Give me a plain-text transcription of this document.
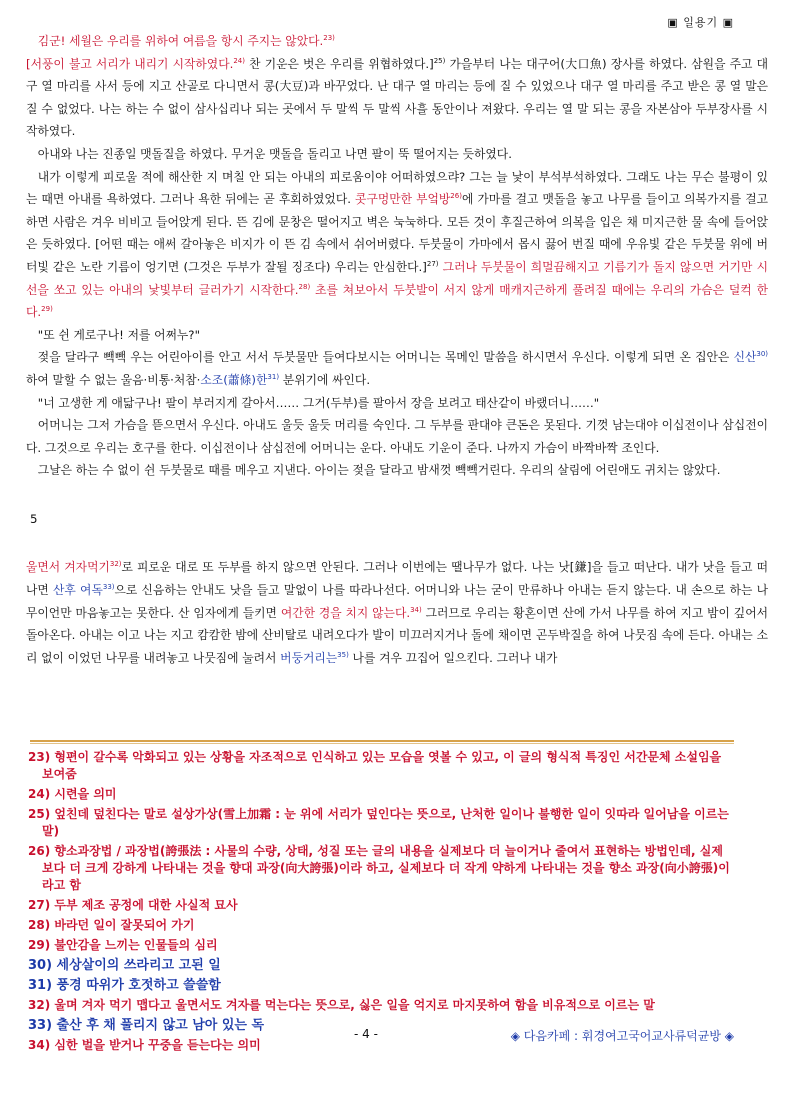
▣ 일용기 ▣

김군! 세월은 우리를 위하여 여름을 항시 주지는 않았다.$^{23)}$

[서풍이 불고 서리가 내리기 시작하였다.$^{24)}$ 찬 기운은 벗은 우리를 위협하였다.]$^{25)}$ 가을부터 나는 대구어(大口魚) 장사를 하였다. 삼원을 주고 대구 열 마리를 사서 등에 지고 산골로 다니면서 콩(大豆)과 바꾸었다. 난 대구 열 마리는 등에 질 수 있었으나 대구 열 마리를 주고 받은 콩 열 말은 질 수 없었다. 나는 하는 수 없이 삼사십리나 되는 곳에서 두 말씩 두 말씩 사흘 동안이나 져왔다. 우리는 열 말 되는 콩을 자본삼아 두부장사를 시작하였다.

아내와 나는 진종일 맷돌질을 하였다. 무거운 맷돌을 돌리고 나면 팔이 뚝 떨어지는 듯하였다.

내가 이렇게 피로울 적에 해산한 지 며칠 안 되는 아내의 피로움이야 어떠하였으랴? 그는 늘 낯이 부석부석하였다. 그래도 나는 무슨 불평이 있는 때면 아내를 욕하였다. 그러나 욕한 뒤에는 곧 후회하였었다. 콧구멍만한 부엌방$^{26)}$에 가마를 걸고 맷돌을 놓고 나무를 들이고 의복가지를 걸고 하면 사람은 겨우 비비고 들어앉게 된다. 뜬 김에 문창은 떨어지고 벽은 눅눅하다. 모든 것이 후질근하여 의복을 입은 채 미지근한 물 속에 들어앉은 듯하였다. [어떤 때는 애써 갈아놓은 비지가 이 뜬 김 속에서 쉬어버렸다. 두붓물이 가마에서 몹시 끓어 번질 때에 우유빛 같은 두붓물 위에 버터빛 같은 노란 기름이 엉기면 (그것은 두부가 잘될 징조다) 우리는 안심한다.]$^{27)}$ 그러나 두붓물이 희멀끔해지고 기름기가 돌지 않으면 거기만 시선을 쏘고 있는 아내의 낯빛부터 글러가기 시작한다.$^{28)}$ 초를 쳐보아서 두붓발이 서지 않게 매캐지근하게 풀려질 때에는 우리의 가슴은 덜컥 한다.$^{29)}$

"또 쉰 게로구나! 저를 어쩌누?"

젖을 달라구 빽빽 우는 어린아이를 안고 서서 두붓물만 들여다보시는 어머니는 목메인 말씀을 하시면서 우신다. 이렇게 되면 온 집안은 신산$^{30)}$하여 말할 수 없는 울음·비통·처참·소조(蕭條)한$^{31)}$ 분위기에 싸인다.

"너 고생한 게 애닯구나! 팔이 부러지게 갈아서…… 그거(두부)를 팔아서 장을 보려고 태산같이 바랬더니……"

어머니는 그저 가슴을 뜯으면서 우신다. 아내도 울듯 울듯 머리를 숙인다. 그 두부를 판대야 큰돈은 못된다. 기껏 남는대야 이십전이나 삼십전이다. 그것으로 우리는 호구를 한다. 이십전이나 삼십전에 어머니는 운다. 아내도 기운이 준다. 나까지 가슴이 바짝바짝 조인다.

그날은 하는 수 없이 쉰 두붓물로 때를 메우고 지낸다. 아이는 젖을 달라고 밤새껏 빽빽거린다. 우리의 살림에 어린애도 귀치는 않았다.

5

울면서 겨자먹기$^{32)}$로 피로운 대로 또 두부를 하지 않으면 안된다. 그러나 이번에는 땔나무가 없다. 나는 낫[鎌]을 들고 떠난다. 내가 낫을 들고 떠나면 산후 여독$^{33)}$으로 신음하는 안내도 낫을 들고 말없이 나를 따라나선다. 어머니와 나는 굳이 만류하나 아내는 듣지 않는다. 내 손으로 하는 나무이언만 마음놓고는 못한다. 산 임자에게 들키면 여간한 경을 치지 않는다.$^{34)}$ 그러므로 우리는 황혼이면 산에 가서 나무를 하여 지고 밤이 깊어서 돌아온다. 아내는 이고 나는 지고 캄캄한 밤에 산비탈로 내려오다가 발이 미끄러지거나 돌에 채이면 곤두박질을 하여 나뭇짐 속에 든다. 아내는 소리 없이 이었던 나무를 내려놓고 나뭇짐에 눌려서 버둥거리는$^{35)}$ 나를 겨우 끄집어 일으킨다. 그러나 내가

23) 형편이 갈수록 악화되고 있는 상황을 자조적으로 인식하고 있는 모습을 엿볼 수 있고, 이 글의 형식적 특징인 서간문체 소설임을 보여줌
24) 시련을 의미
25) 엎친데 덮친다는 말로 설상가상(雪上加霜 : 눈 위에 서리가 덮인다는 뜻으로, 난처한 일이나 불행한 일이 잇따라 일어남을 이르는 말)
26) 향소과장법 / 과장법(誇張法 : 사물의 수량, 상태, 성질 또는 글의 내용을 실제보다 더 늘이거나 줄여서 표현하는 방법인데, 실제보다 더 크게 강하게 나타내는 것을 향대 과장(向大誇張)이라 하고, 실제보다 더 작게 약하게 나타내는 것을 향소 과장(向小誇張)이라고 함
27) 두부 제조 공정에 대한 사실적 묘사
28) 바라던 일이 잘못되어 가기
29) 불안감을 느끼는 인물들의 심리
30) 세상살이의 쓰라리고 고된 일
31) 풍경 따위가 호젓하고 쓸쓸함
32) 울며 겨자 먹기 맵다고 울면서도 겨자를 먹는다는 뜻으로, 싫은 일을 억지로 마지못하여 함을 비유적으로 이르는 말
33) 출산 후 채 풀리지 않고 남아 있는 독
34) 심한 벌을 받거나 꾸중을 듣는다는 의미
- 4 -	◈ 다음카페 : 휘경여고국어교사류덕균방 ◈
